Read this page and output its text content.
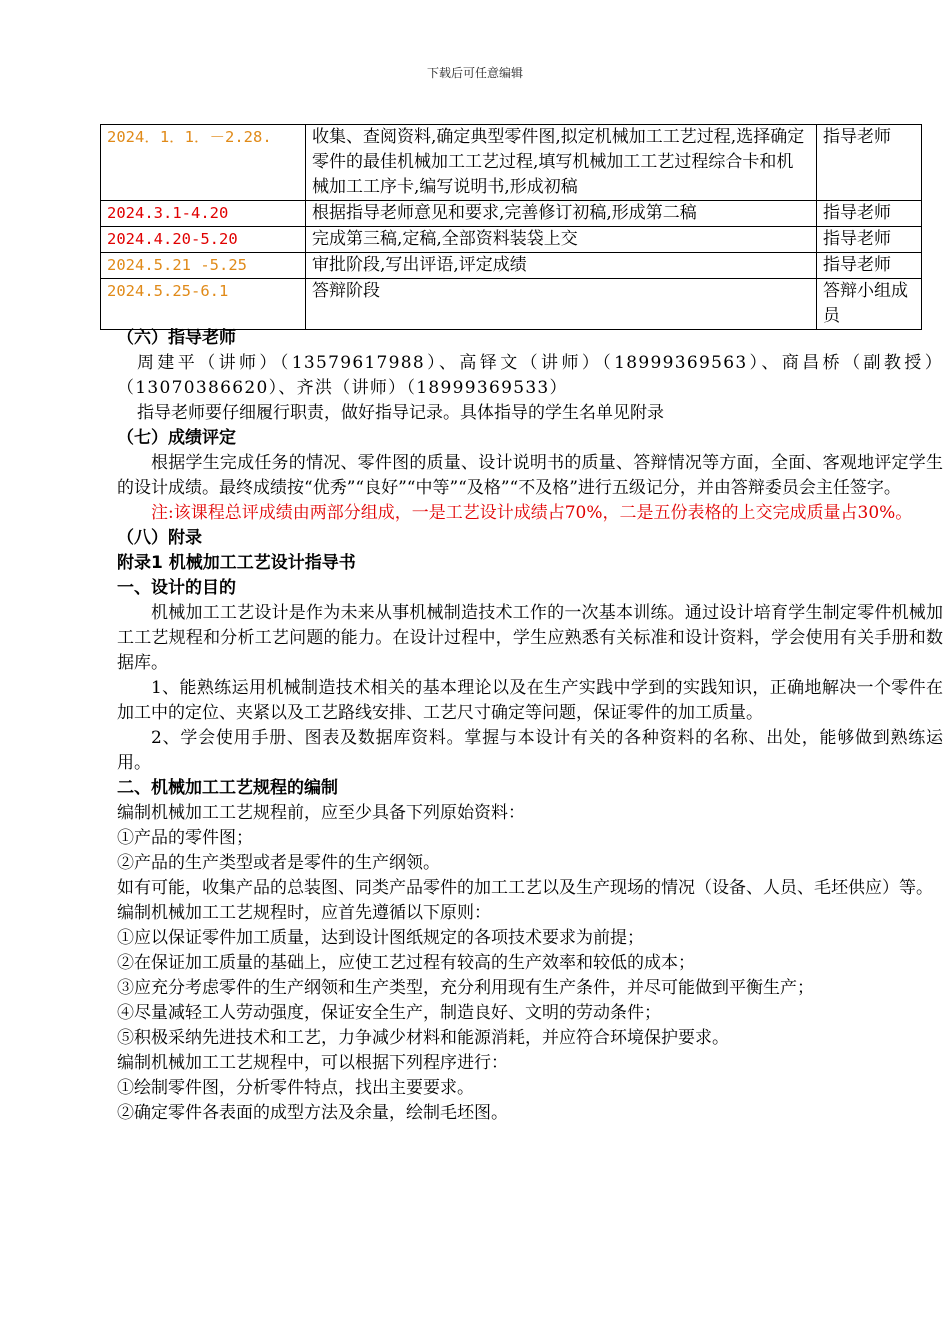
下载后可任意编辑
2024．1．1．－2.28.	收集、查阅资料,确定典型零件图,拟定机械加工工艺过程,选择确定零件的最佳机械加工工艺过程,填写机械加工工艺过程综合卡和机械加工工序卡,编写说明书,形成初稿	指导老师
2024.3.1-4.20	根据指导老师意见和要求,完善修订初稿,形成第二稿	指导老师
2024.4.20-5.20	完成第三稿,定稿,全部资料装袋上交	指导老师
2024.5.21 -5.25	审批阶段,写出评语,评定成绩	指导老师
2024.5.25-6.1	答辩阶段	答辩小组成员

（六）指导老师

周建平（讲师）（13579617988）、高铎文（讲师）（18999369563）、商昌桥（副教授）（13070386620）、齐洪（讲师）（18999369533）

指导老师要仔细履行职责，做好指导记录。具体指导的学生名单见附录

（七）成绩评定

根据学生完成任务的情况、零件图的质量、设计说明书的质量、答辩情况等方面，全面、客观地评定学生的设计成绩。最终成绩按“优秀”“良好”“中等”“及格”“不及格”进行五级记分，并由答辩委员会主任签字。

注:该课程总评成绩由两部分组成，一是工艺设计成绩占70%，二是五份表格的上交完成质量占30%。

（八）附录

附录1 机械加工工艺设计指导书

一、设计的目的

机械加工工艺设计是作为未来从事机械制造技术工作的一次基本训练。通过设计培育学生制定零件机械加工工艺规程和分析工艺问题的能力。在设计过程中，学生应熟悉有关标准和设计资料，学会使用有关手册和数据库。

1、能熟练运用机械制造技术相关的基本理论以及在生产实践中学到的实践知识，正确地解决一个零件在加工中的定位、夹紧以及工艺路线安排、工艺尺寸确定等问题，保证零件的加工质量。

2、学会使用手册、图表及数据库资料。掌握与本设计有关的各种资料的名称、出处，能够做到熟练运用。

二、机械加工工艺规程的编制

编制机械加工工艺规程前，应至少具备下列原始资料：

①产品的零件图；

②产品的生产类型或者是零件的生产纲领。

如有可能，收集产品的总装图、同类产品零件的加工工艺以及生产现场的情况（设备、人员、毛坯供应）等。

编制机械加工工艺规程时，应首先遵循以下原则：

①应以保证零件加工质量，达到设计图纸规定的各项技术要求为前提；

②在保证加工质量的基础上，应使工艺过程有较高的生产效率和较低的成本；

③应充分考虑零件的生产纲领和生产类型，充分利用现有生产条件，并尽可能做到平衡生产；

④尽量减轻工人劳动强度，保证安全生产，制造良好、文明的劳动条件；

⑤积极采纳先进技术和工艺，力争减少材料和能源消耗，并应符合环境保护要求。

编制机械加工工艺规程中，可以根据下列程序进行：

①绘制零件图，分析零件特点，找出主要要求。

②确定零件各表面的成型方法及余量，绘制毛坯图。
